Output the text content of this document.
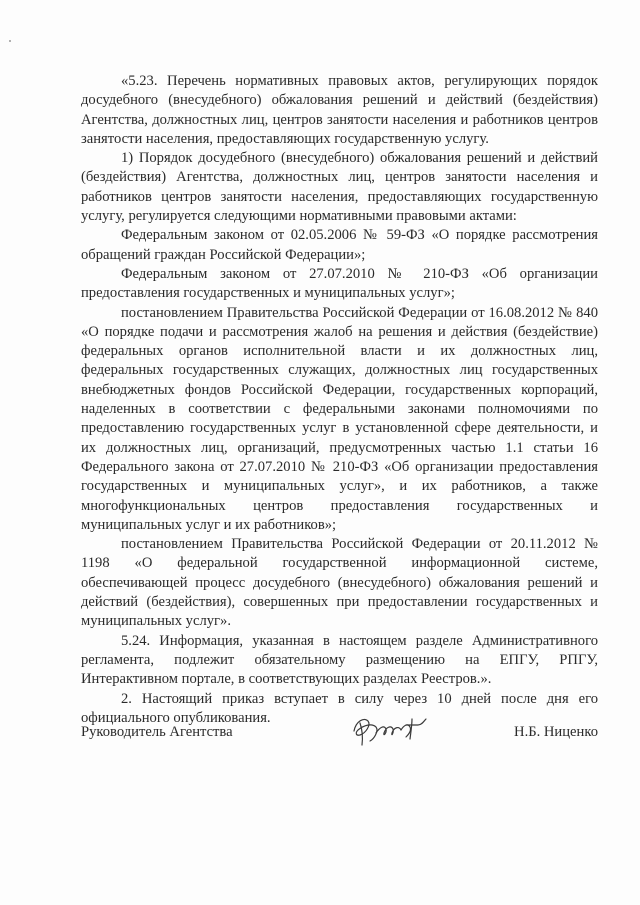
«5.23. Перечень нормативных правовых актов, регулирующих порядок досудебного (внесудебного) обжалования решений и действий (бездействия) Агентства, должностных лиц, центров занятости населения и работников центров занятости населения, предоставляющих государственную услугу.

1) Порядок досудебного (внесудебного) обжалования решений и действий (бездействия) Агентства, должностных лиц, центров занятости населения и работников центров занятости населения, предоставляющих государственную услугу, регулируется следующими нормативными правовыми актами:

Федеральным законом от 02.05.2006 № 59-ФЗ «О порядке рассмотрения обращений граждан Российской Федерации»;

Федеральным законом от 27.07.2010 № 210-ФЗ «Об организации предоставления государственных и муниципальных услуг»;

постановлением Правительства Российской Федерации от 16.08.2012 № 840 «О порядке подачи и рассмотрения жалоб на решения и действия (бездействие) федеральных органов исполнительной власти и их должностных лиц, федеральных государственных служащих, должностных лиц государственных внебюджетных фондов Российской Федерации, государственных корпораций, наделенных в соответствии с федеральными законами полномочиями по предоставлению государственных услуг в установленной сфере деятельности, и их должностных лиц, организаций, предусмотренных частью 1.1 статьи 16 Федерального закона от 27.07.2010 № 210-ФЗ «Об организации предоставления государственных и муниципальных услуг», и их работников, а также многофункциональных центров предоставления государственных и муниципальных услуг и их работников»;

постановлением Правительства Российской Федерации от 20.11.2012 № 1198 «О федеральной государственной информационной системе, обеспечивающей процесс досудебного (внесудебного) обжалования решений и действий (бездействия), совершенных при предоставлении государственных и муниципальных услуг».

5.24. Информация, указанная в настоящем разделе Административного регламента, подлежит обязательному размещению на ЕПГУ, РПГУ, Интерактивном портале, в соответствующих разделах Реестров.».

2. Настоящий приказ вступает в силу через 10 дней после дня его официального опубликования.

Руководитель Агентства	Н.Б. Ниценко
